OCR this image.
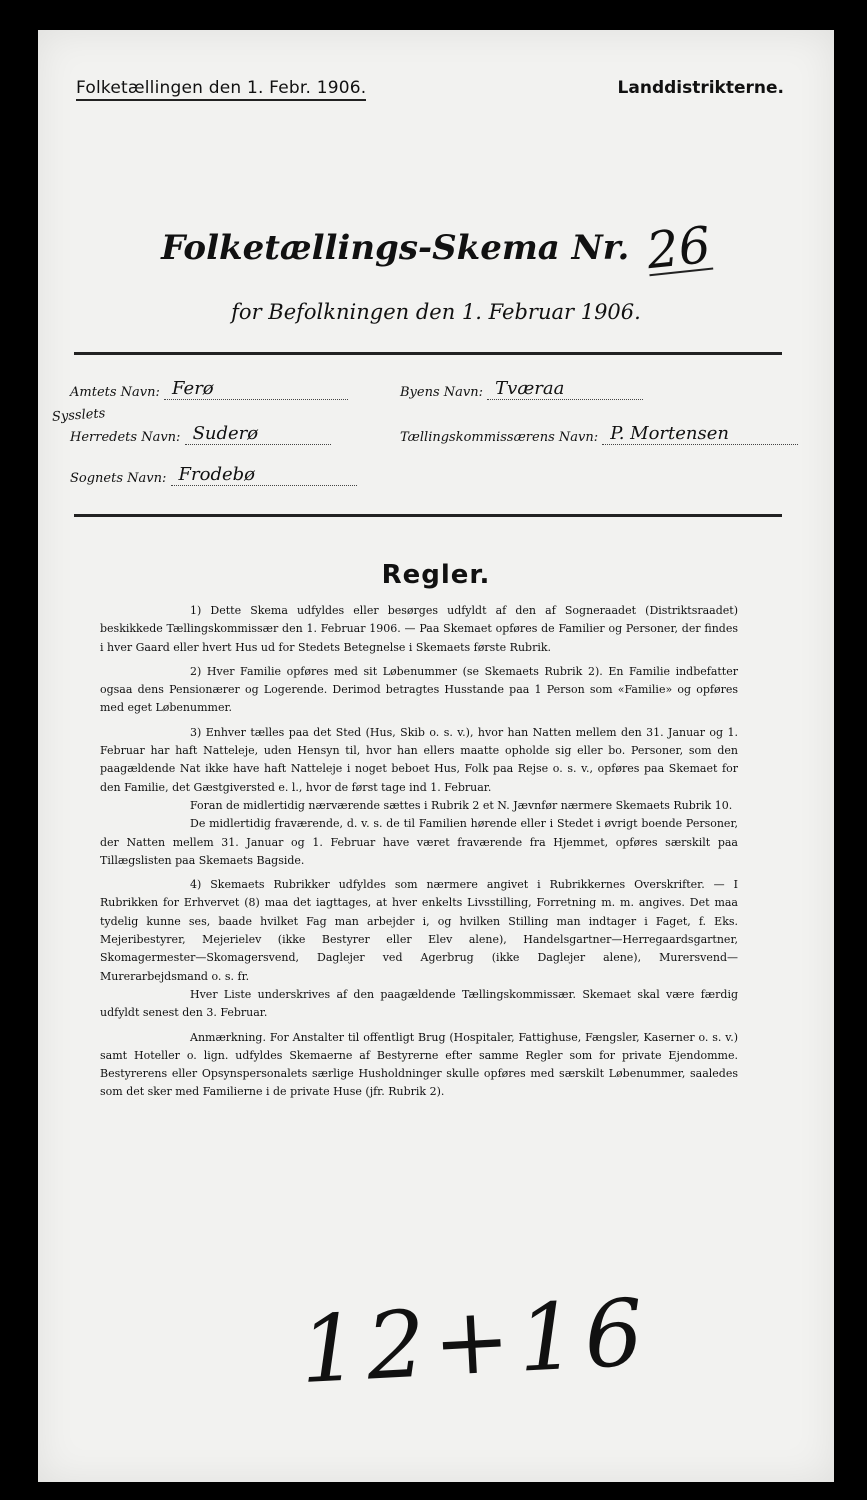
Folketællingen den 1. Febr. 1906.	Landdistrikterne.
Folketællings-Skema Nr. 26
for Befolkningen den 1. Februar 1906.
Amtets Navn: Ferø	Byens Navn: Tværaa
Sysslets
Herredets Navn: Suderø	Tællingskommissærens Navn: P. Mortensen
Sognets Navn: Frodebø
Regler.

1) Dette Skema udfyldes eller besørges udfyldt af den af Sogneraadet (Distriktsraadet) beskikkede Tællingskommissær den 1. Februar 1906. — Paa Skemaet opføres de Familier og Personer, der findes i hver Gaard eller hvert Hus ud for Stedets Betegnelse i Skemaets første Rubrik.

2) Hver Familie opføres med sit Løbenummer (se Skemaets Rubrik 2). En Familie indbefatter ogsaa dens Pensionærer og Logerende. Derimod betragtes Husstande paa 1 Person som «Familie» og opføres med eget Løbenummer.

3) Enhver tælles paa det Sted (Hus, Skib o. s. v.), hvor han Natten mellem den 31. Januar og 1. Februar har haft Natteleje, uden Hensyn til, hvor han ellers maatte opholde sig eller bo. Personer, som den paagældende Nat ikke have haft Natteleje i noget beboet Hus, Folk paa Rejse o. s. v., opføres paa Skemaet for den Familie, det Gæstgiversted e. l., hvor de først tage ind 1. Februar.

Foran de midlertidig nærværende sættes i Rubrik 2 et N. Jævnfør nærmere Skemaets Rubrik 10.

De midlertidig fraværende, d. v. s. de til Familien hørende eller i Stedet i øvrigt boende Personer, der Natten mellem 31. Januar og 1. Februar have været fraværende fra Hjemmet, opføres særskilt paa Tillægslisten paa Skemaets Bagside.

4) Skemaets Rubrikker udfyldes som nærmere angivet i Rubrikkernes Overskrifter. — I Rubrikken for Erhvervet (8) maa det iagttages, at hver enkelts Livsstilling, Forretning m. m. angives. Det maa tydelig kunne ses, baade hvilket Fag man arbejder i, og hvilken Stilling man indtager i Faget, f. Eks. Mejeribestyrer, Mejerielev (ikke Bestyrer eller Elev alene), Handelsgartner—Herregaardsgartner, Skomagermester—Skomagersvend, Daglejer ved Agerbrug (ikke Daglejer alene), Murersvend—Murerarbejdsmand o. s. fr.

Hver Liste underskrives af den paagældende Tællingskommissær. Skemaet skal være færdig udfyldt senest den 3. Februar.

Anmærkning. For Anstalter til offentligt Brug (Hospitaler, Fattighuse, Fængsler, Kaserner o. s. v.) samt Hoteller o. lign. udfyldes Skemaerne af Bestyrerne efter samme Regler som for private Ejendomme. Bestyrerens eller Opsynspersonalets særlige Husholdninger skulle opføres med særskilt Løbenummer, saaledes som det sker med Familierne i de private Huse (jfr. Rubrik 2).

12+16
